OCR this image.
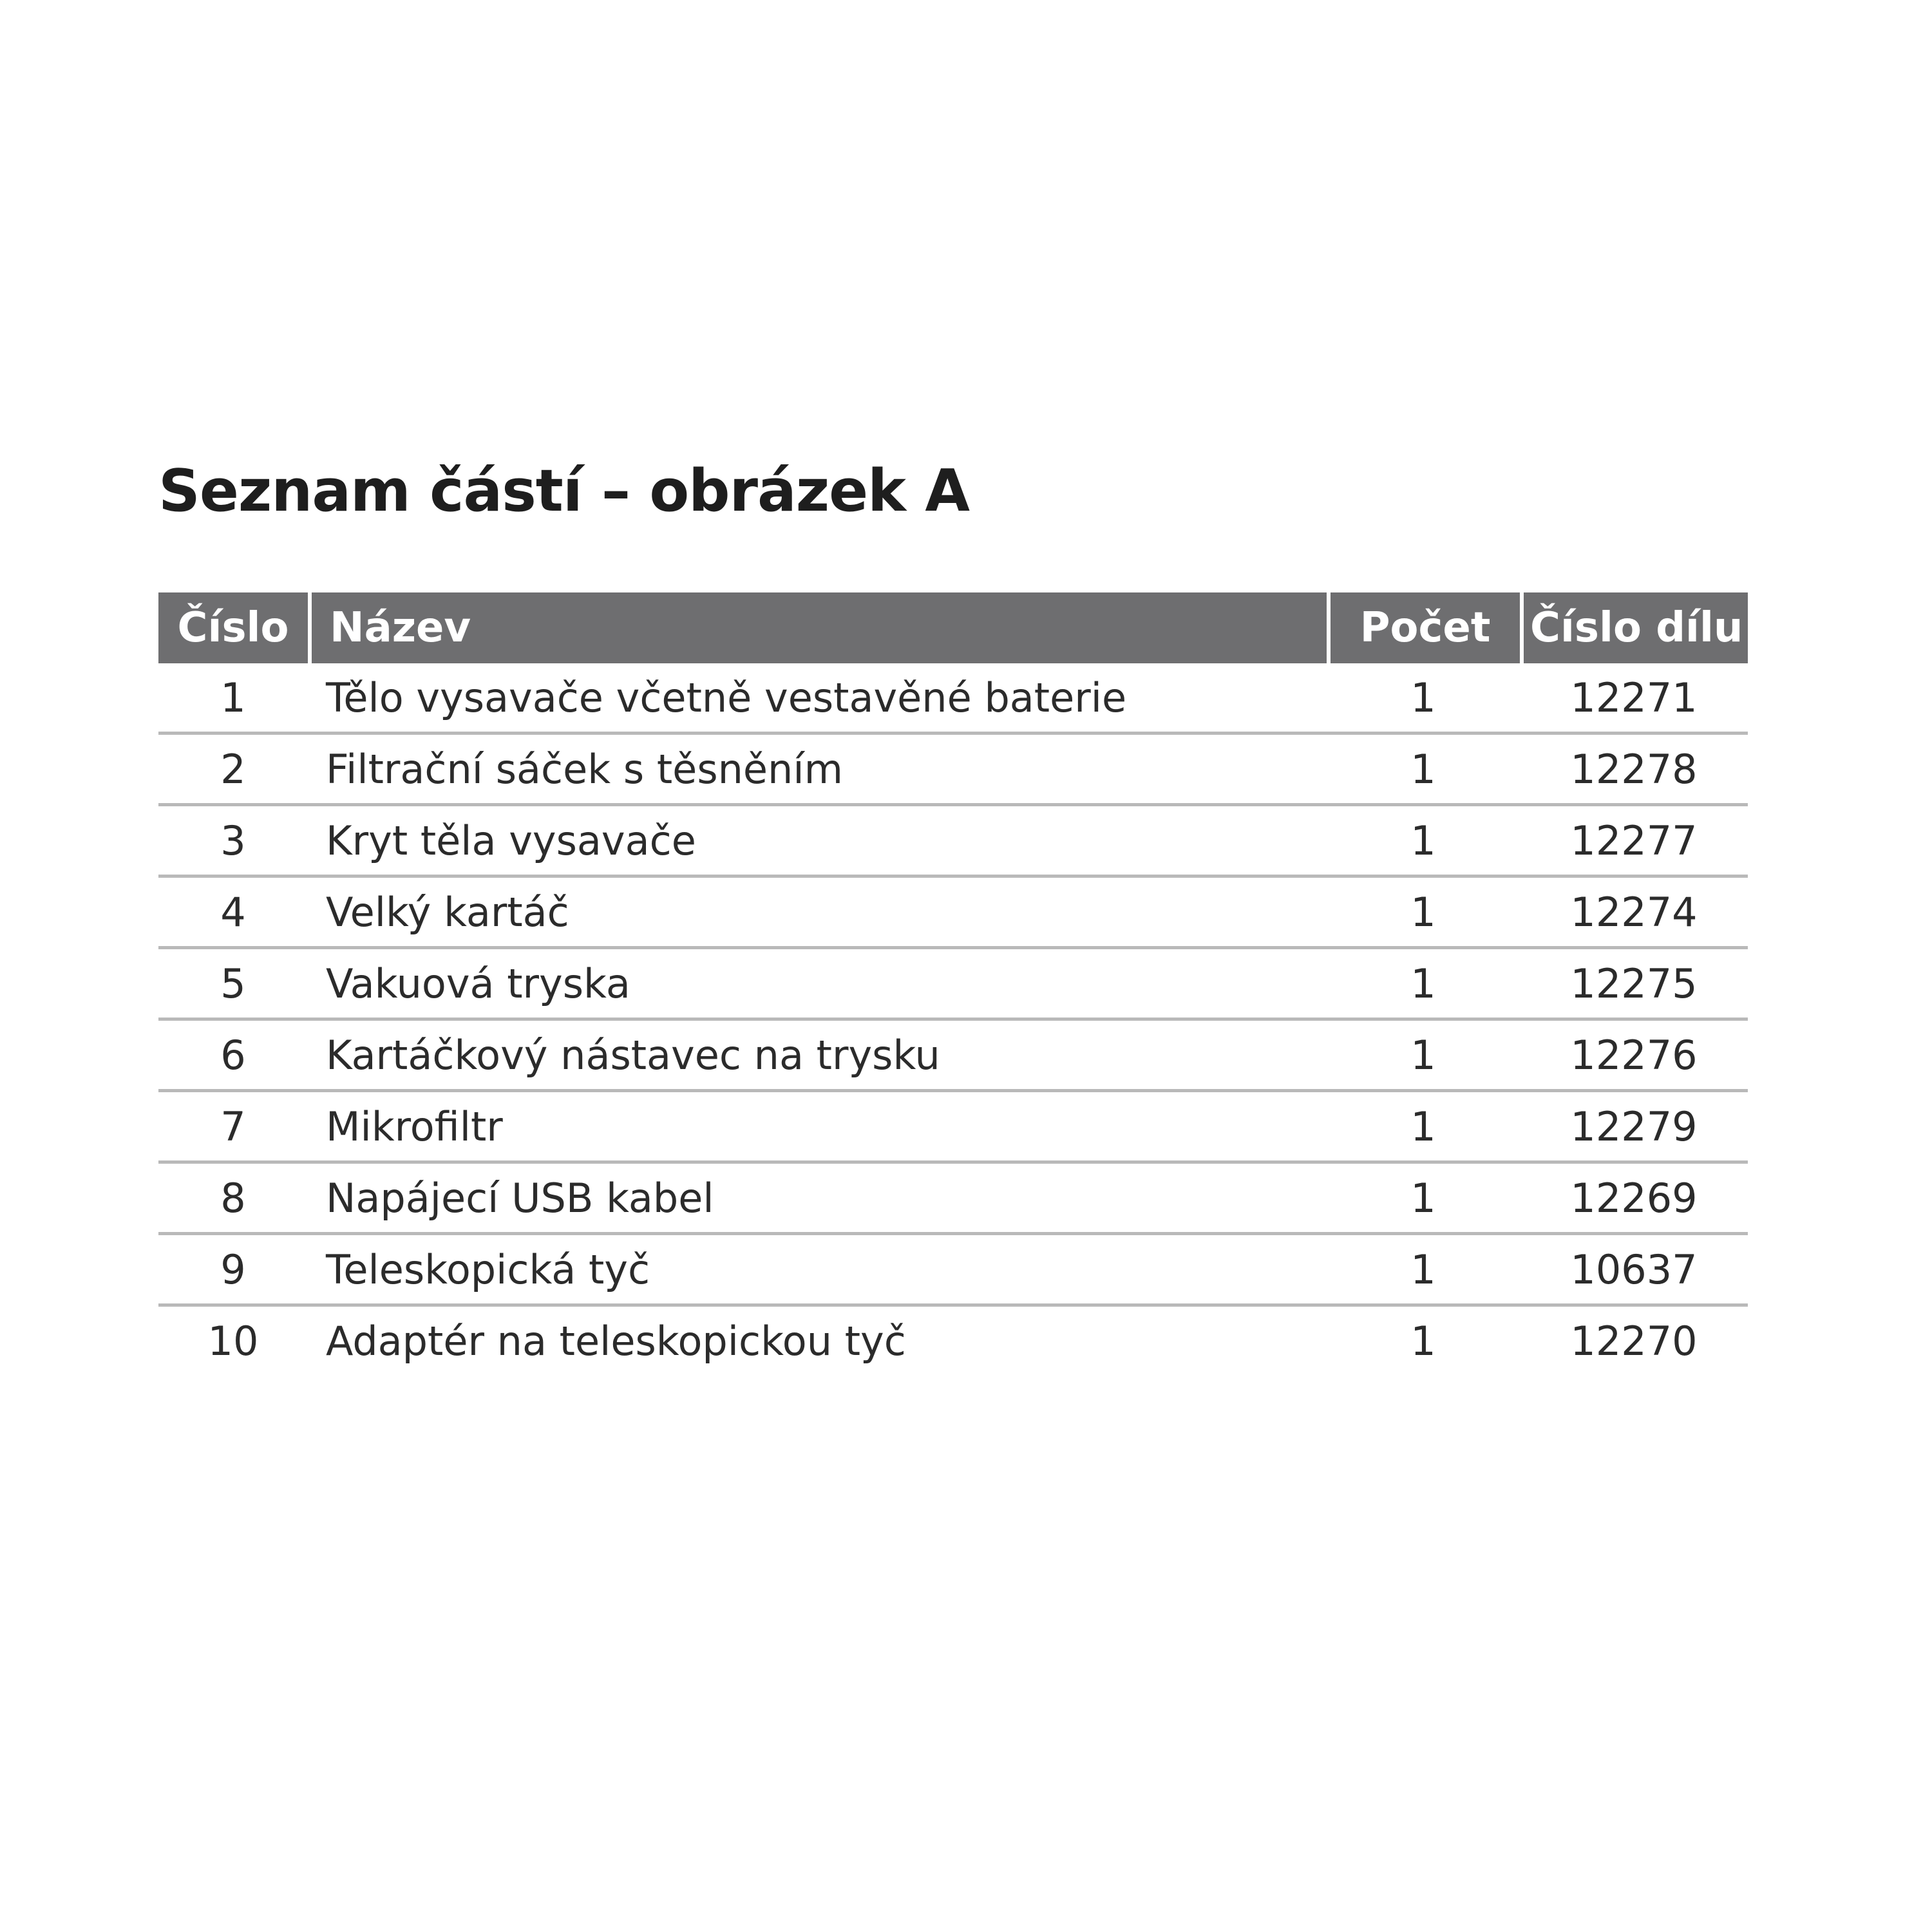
Seznam částí – obrázek A
Číslo	Název	Počet	Číslo dílu
1	Tělo vysavače včetně vestavěné baterie	1	12271
2	Filtrační sáček s těsněním	1	12278
3	Kryt těla vysavače	1	12277
4	Velký kartáč	1	12274
5	Vakuová tryska	1	12275
6	Kartáčkový nástavec na trysku	1	12276
7	Mikrofiltr	1	12279
8	Napájecí USB kabel	1	12269
9	Teleskopická tyč	1	10637
10	Adaptér na teleskopickou tyč	1	12270
